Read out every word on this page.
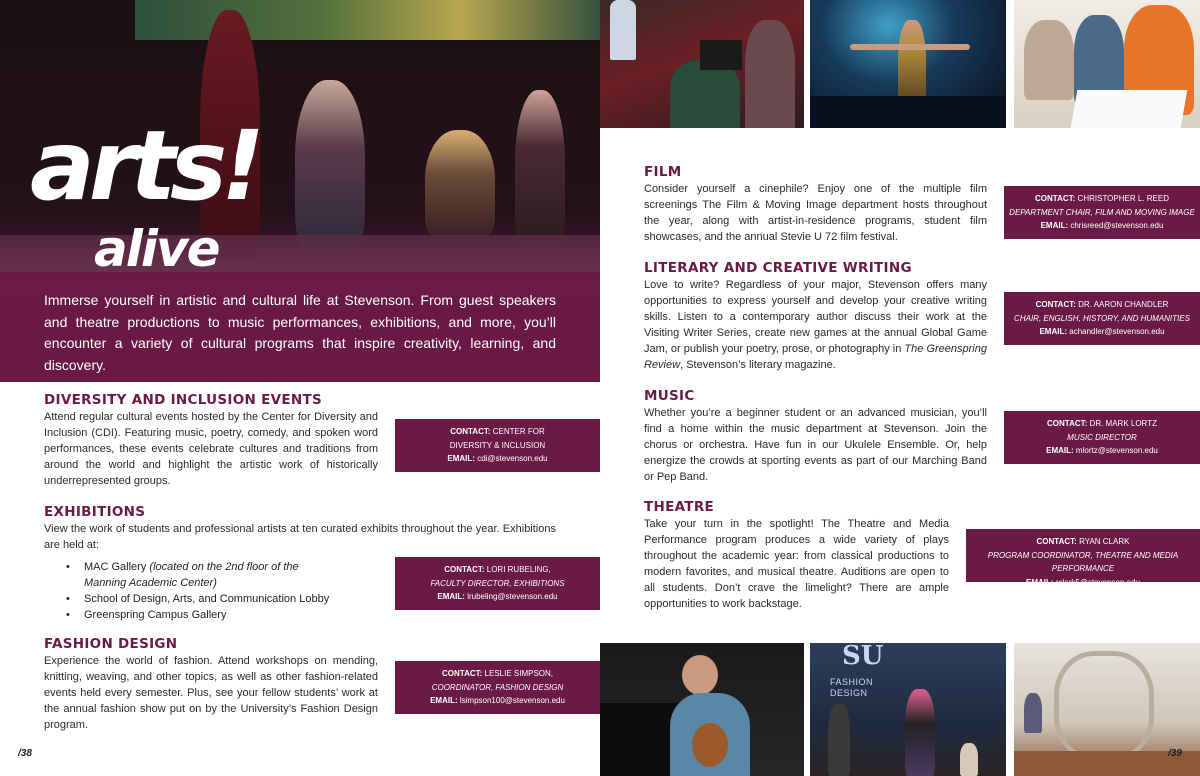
arts!
alive

Immerse yourself in artistic and cultural life at Stevenson. From guest speakers and theatre productions to music performances, exhibitions, and more, you’ll encounter a variety of cultural programs that inspire creativity, learning, and discovery.

DIVERSITY AND INCLUSION EVENTS

Attend regular cultural events hosted by the Center for Diversity and Inclusion (CDI). Featuring music, poetry, comedy, and spoken word performances, these events celebrate cultures and traditions from around the world and highlight the artistic work of historically underrepresented groups.

CONTACT: CENTER FOR
DIVERSITY & INCLUSION
EMAIL: cdi@stevenson.edu
EXHIBITIONS

View the work of students and professional artists at ten curated exhibits throughout the year. Exhibitions are held at:

• MAC Gallery (located on the 2nd floor of the
Manning Academic Center)
• School of Design, Arts, and Communication Lobby
• Greenspring Campus Gallery
CONTACT: LORI RUBELING,
FACULTY DIRECTOR, EXHIBITIONS
EMAIL: lrubeling@stevenson.edu
FASHION DESIGN

Experience the world of fashion. Attend workshops on mending, knitting, weaving, and other topics, as well as other fashion-related events held every semester. Plus, see your fellow students’ work at the annual fashion show put on by the University’s Fashion Design program.

CONTACT: LESLIE SIMPSON,
COORDINATOR, FASHION DESIGN
EMAIL: lsimpson100@stevenson.edu
/38
FILM

Consider yourself a cinephile? Enjoy one of the multiple film screenings The Film & Moving Image department hosts throughout the year, along with artist-in-residence programs, student film showcases, and the annual Stevie U 72 film festival.

CONTACT: CHRISTOPHER L. REED
DEPARTMENT CHAIR, FILM AND MOVING IMAGE
EMAIL: chrisreed@stevenson.edu
LITERARY AND CREATIVE WRITING

Love to write? Regardless of your major, Stevenson offers many opportunities to express yourself and develop your creative writing skills. Listen to a contemporary author discuss their work at the Visiting Writer Series, create new games at the annual Global Game Jam, or publish your poetry, prose, or photography in The Greenspring Review, Stevenson’s literary magazine.

CONTACT: DR. AARON CHANDLER
CHAIR, ENGLISH, HISTORY, AND HUMANITIES
EMAIL: achandler@stevenson.edu
MUSIC

Whether you’re a beginner student or an advanced musician, you’ll find a home within the music department at Stevenson. Join the chorus or orchestra. Have fun in our Ukulele Ensemble. Or, help energize the crowds at sporting events as part of our Marching Band or Pep Band.

CONTACT: DR. MARK LORTZ
MUSIC DIRECTOR
EMAIL: mlortz@stevenson.edu
THEATRE

Take your turn in the spotlight! The Theatre and Media Performance program produces a wide variety of plays throughout the academic year: from classical productions to modern favorites, and musical theatre. Auditions are open to all students. Don’t crave the limelight? There are ample opportunities to work backstage.

CONTACT: RYAN CLARK
PROGRAM COORDINATOR, THEATRE AND MEDIA PERFORMANCE
EMAIL: rclark5@stevenson.edu
SU
FASHION DESIGN
/39
